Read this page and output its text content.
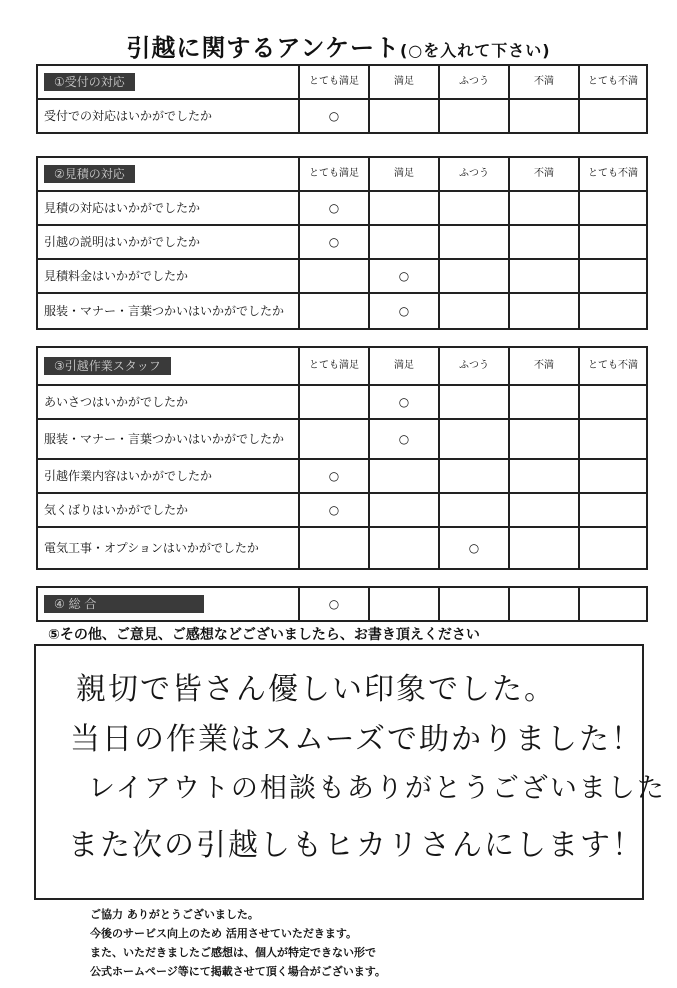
引越に関するアンケート(○を入れて下さい)
①受付の対応	とても満足	満足	ふつう	不満	とても不満
受付での対応はいかがでしたか	○				
②見積の対応	とても満足	満足	ふつう	不満	とても不満
見積の対応はいかがでしたか	○				
引越の説明はいかがでしたか	○				
見積料金はいかがでしたか		○			
服装・マナー・言葉つかいはいかがでしたか		○			
③引越作業スタッフ	とても満足	満足	ふつう	不満	とても不満
あいさつはいかがでしたか		○			
服装・マナー・言葉つかいはいかがでしたか		○			
引越作業内容はいかがでしたか	○				
気くばりはいかがでしたか	○				
電気工事・オプションはいかがでしたか			○		
④ 総 合	○				
⑤その他、ご意見、ご感想などございましたら、お書き頂えください
親切で皆さん優しい印象でした。
当日の作業はスムーズで助かりました！
レイアウトの相談もありがとうございました
また次の引越しもヒカリさんにします！
ご協力 ありがとうございました。
今後のサービス向上のため 活用させていただきます。
また、いただきましたご感想は、個人が特定できない形で
公式ホームページ等にて掲載させて頂く場合がございます。
